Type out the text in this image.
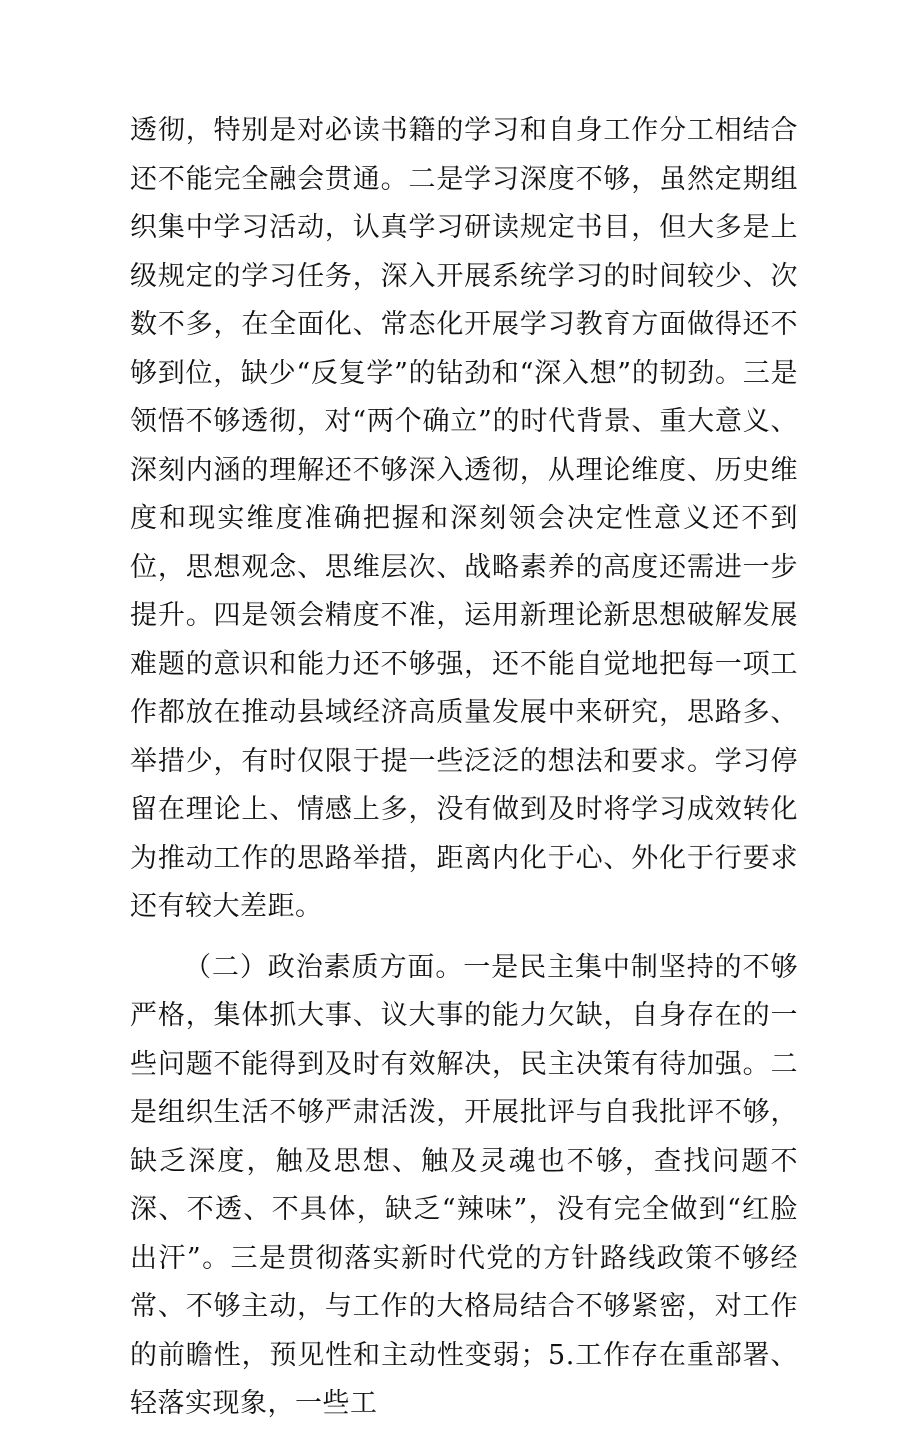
透彻，特别是对必读书籍的学习和自身工作分工相结合还不能完全融会贯通。二是学习深度不够，虽然定期组织集中学习活动，认真学习研读规定书目，但大多是上级规定的学习任务，深入开展系统学习的时间较少、次数不多，在全面化、常态化开展学习教育方面做得还不够到位，缺少“反复学”的钻劲和“深入想”的韧劲。三是领悟不够透彻，对“两个确立”的时代背景、重大意义、深刻内涵的理解还不够深入透彻，从理论维度、历史维度和现实维度准确把握和深刻领会决定性意义还不到位，思想观念、思维层次、战略素养的高度还需进一步提升。四是领会精度不准，运用新理论新思想破解发展难题的意识和能力还不够强，还不能自觉地把每一项工作都放在推动县域经济高质量发展中来研究，思路多、举措少，有时仅限于提一些泛泛的想法和要求。学习停留在理论上、情感上多，没有做到及时将学习成效转化为推动工作的思路举措，距离内化于心、外化于行要求还有较大差距。

（二）政治素质方面。一是民主集中制坚持的不够严格，集体抓大事、议大事的能力欠缺，自身存在的一些问题不能得到及时有效解决，民主决策有待加强。二是组织生活不够严肃活泼，开展批评与自我批评不够，缺乏深度，触及思想、触及灵魂也不够，查找问题不深、不透、不具体，缺乏“辣味”，没有完全做到“红脸出汗”。三是贯彻落实新时代党的方针路线政策不够经常、不够主动，与工作的大格局结合不够紧密，对工作的前瞻性，预见性和主动性变弱；5.工作存在重部署、轻落实现象，一些工
